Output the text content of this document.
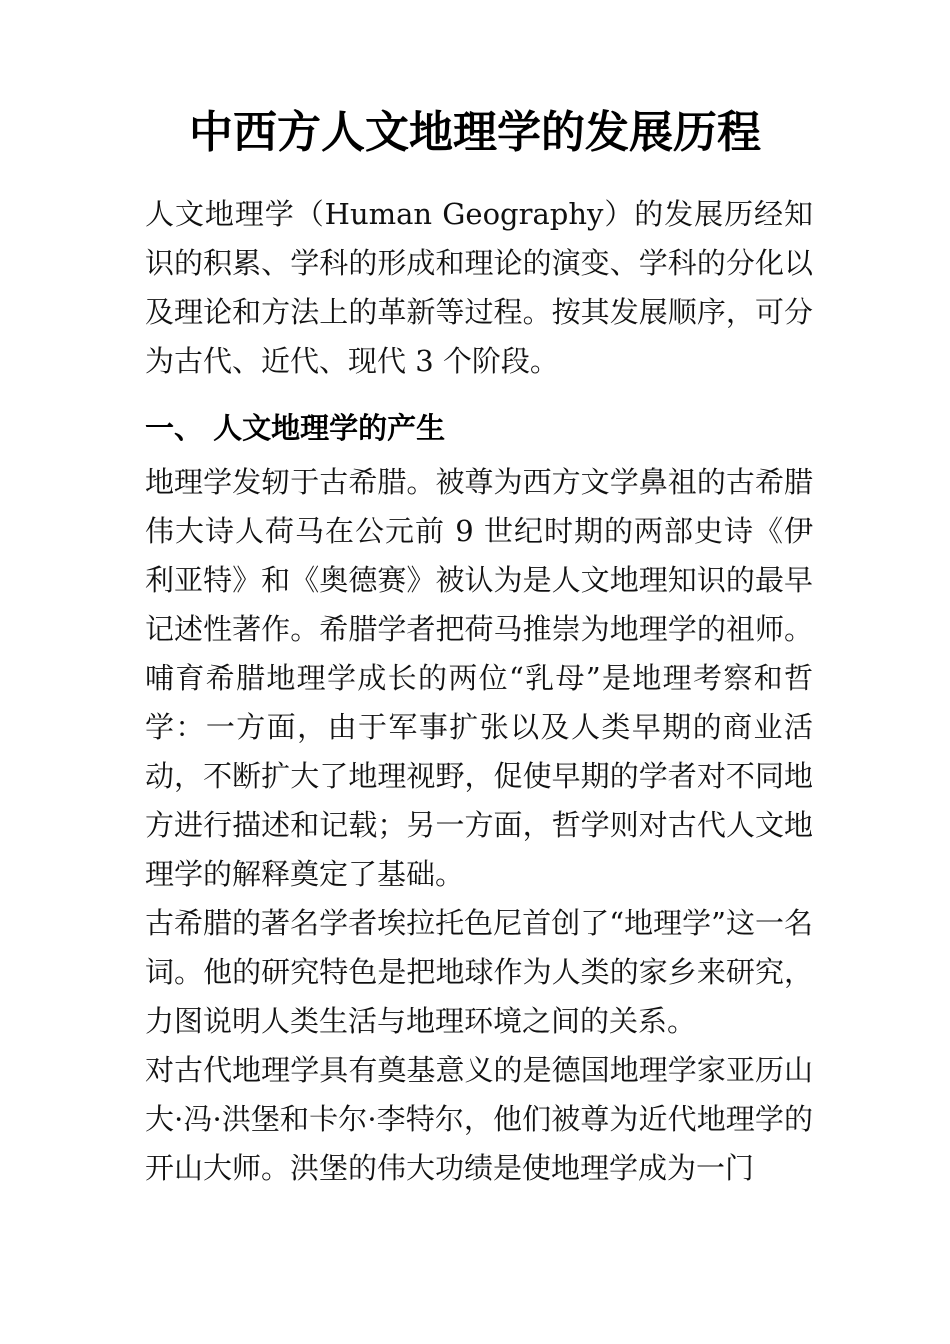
中西方人文地理学的发展历程

人文地理学（Human Geography）的发展历经知识的积累、学科的形成和理论的演变、学科的分化以及理论和方法上的革新等过程。按其发展顺序，可分为古代、近代、现代 3 个阶段。

一、 人文地理学的产生

地理学发轫于古希腊。被尊为西方文学鼻祖的古希腊伟大诗人荷马在公元前 9 世纪时期的两部史诗《伊利亚特》和《奥德赛》被认为是人文地理知识的最早记述性著作。希腊学者把荷马推崇为地理学的祖师。哺育希腊地理学成长的两位“乳母”是地理考察和哲学：一方面，由于军事扩张以及人类早期的商业活动，不断扩大了地理视野，促使早期的学者对不同地方进行描述和记载；另一方面，哲学则对古代人文地理学的解释奠定了基础。

古希腊的著名学者埃拉托色尼首创了“地理学”这一名词。他的研究特色是把地球作为人类的家乡来研究，力图说明人类生活与地理环境之间的关系。

对古代地理学具有奠基意义的是德国地理学家亚历山大·冯·洪堡和卡尔·李特尔，他们被尊为近代地理学的开山大师。洪堡的伟大功绩是使地理学成为一门
